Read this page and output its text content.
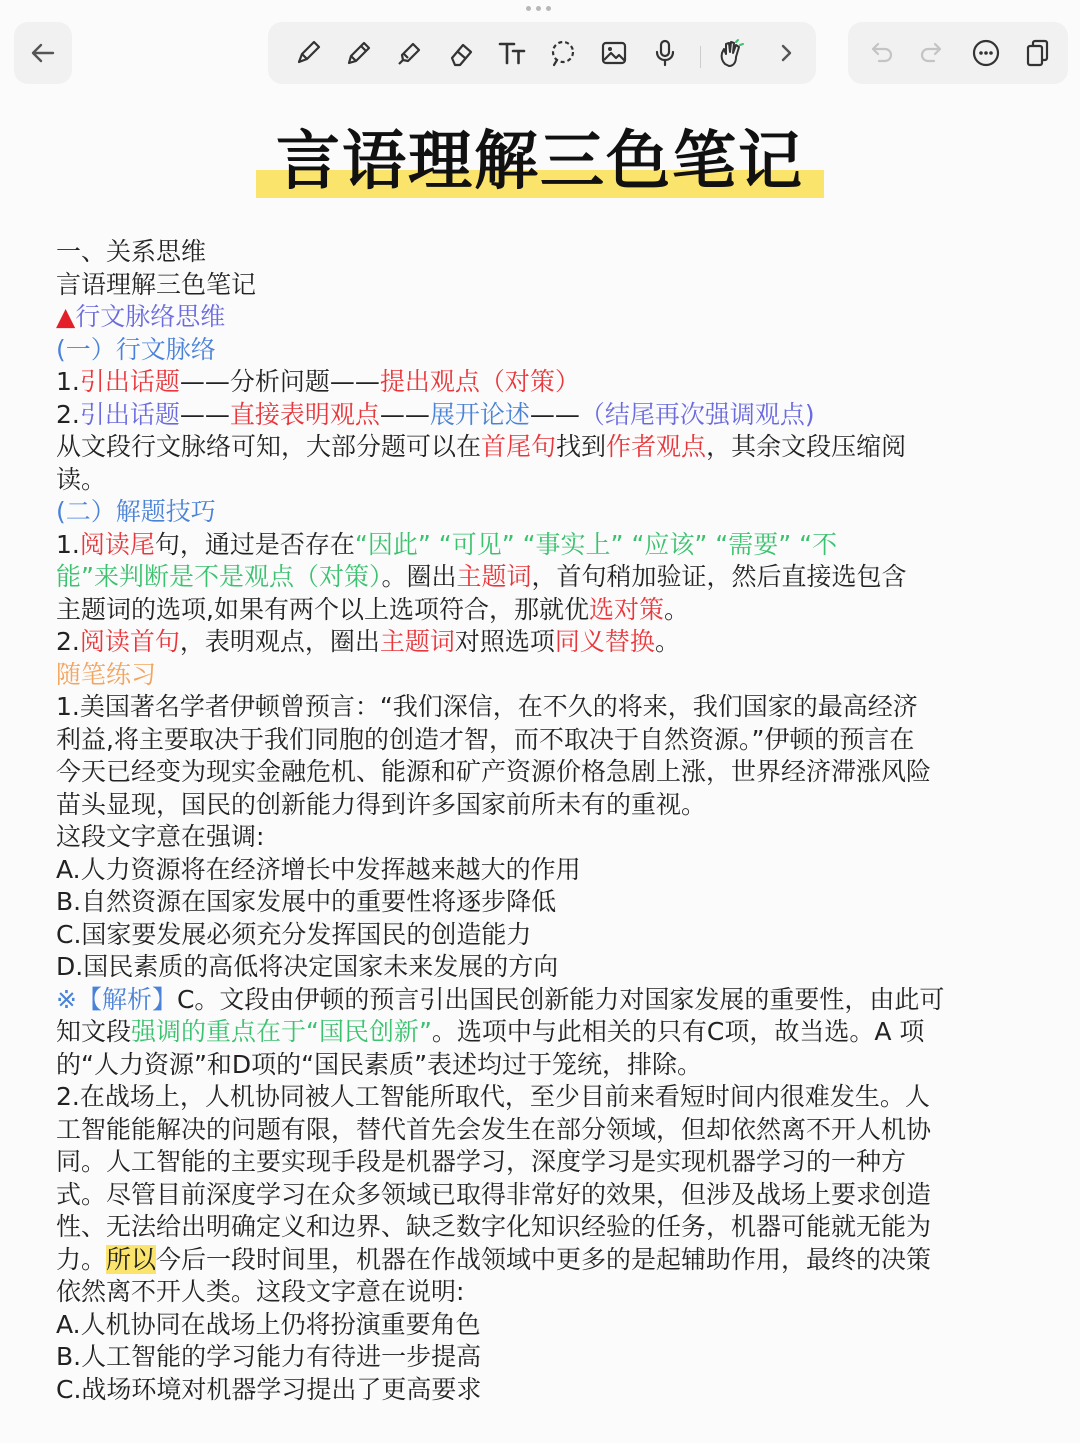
言语理解三色笔记
一、关系思维
言语理解三色笔记
▲行文脉络思维
(一）行文脉络
1.引出话题——分析问题——提出观点（对策）
2.引出话题——直接表明观点——展开论述——（结尾再次强调观点)
从文段行文脉络可知，大部分题可以在首尾句找到作者观点，其余文段压缩阅
读。
(二）解题技巧
1.阅读尾句，通过是否存在“因此” “可见” “事实上” “应该” “需要” “不
能”来判断是不是观点（对策）。圈出主题词，首句稍加验证，然后直接选包含
主题词的选项,如果有两个以上选项符合，那就优选对策。
2.阅读首句，表明观点，圈出主题词对照选项同义替换。
随笔练习
1.美国著名学者伊顿曾预言：“我们深信，在不久的将来，我们国家的最高经济
利益,将主要取决于我们同胞的创造才智，而不取决于自然资源。”伊顿的预言在
今天已经变为现实金融危机、能源和矿产资源价格急剧上涨，世界经济滞涨风险
苗头显现，国民的创新能力得到许多国家前所未有的重视。
这段文字意在强调:
A.人力资源将在经济增长中发挥越来越大的作用
B.自然资源在国家发展中的重要性将逐步降低
C.国家要发展必须充分发挥国民的创造能力
D.国民素质的高低将决定国家未来发展的方向
※【解析】C。文段由伊顿的预言引出国民创新能力对国家发展的重要性，由此可
知文段强调的重点在于“国民创新”。选项中与此相关的只有C项，故当选。A 项
的“人力资源”和D项的“国民素质”表述均过于笼统，排除。
2.在战场上，人机协同被人工智能所取代，至少目前来看短时间内很难发生。人
工智能能解决的问题有限，替代首先会发生在部分领域，但却依然离不开人机协
同。人工智能的主要实现手段是机器学习，深度学习是实现机器学习的一种方
式。尽管目前深度学习在众多领域已取得非常好的效果，但涉及战场上要求创造
性、无法给出明确定义和边界、缺乏数字化知识经验的任务，机器可能就无能为
力。所以今后一段时间里，机器在作战领域中更多的是起辅助作用，最终的决策
依然离不开人类。这段文字意在说明:
A.人机协同在战场上仍将扮演重要角色
B.人工智能的学习能力有待进一步提高
C.战场环境对机器学习提出了更高要求
